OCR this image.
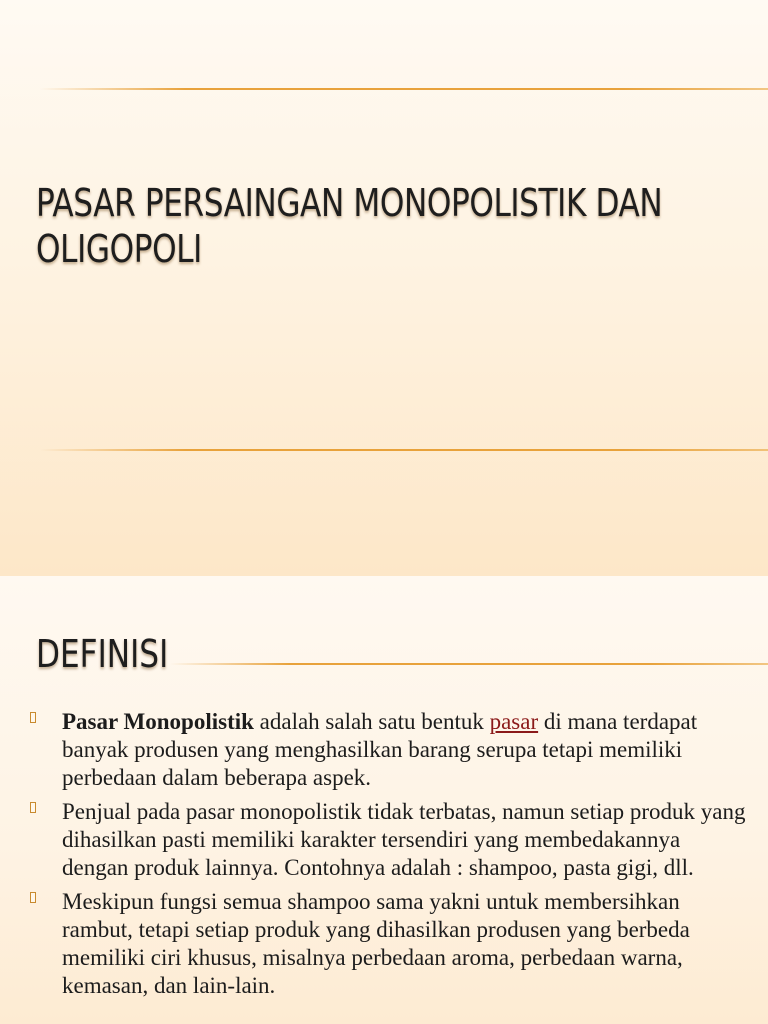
PASAR PERSAINGAN MONOPOLISTIK DAN OLIGOPOLI
DEFINISI
Pasar Monopolistik adalah salah satu bentuk pasar di mana terdapat banyak produsen yang menghasilkan barang serupa tetapi memiliki perbedaan dalam beberapa aspek.
Penjual pada pasar monopolistik tidak terbatas, namun setiap produk yang dihasilkan pasti memiliki karakter tersendiri yang membedakannya dengan produk lainnya. Contohnya adalah : shampoo, pasta gigi, dll.
Meskipun fungsi semua shampoo sama yakni untuk membersihkan rambut, tetapi setiap produk yang dihasilkan produsen yang berbeda memiliki ciri khusus, misalnya perbedaan aroma, perbedaan warna, kemasan, dan lain-lain.
